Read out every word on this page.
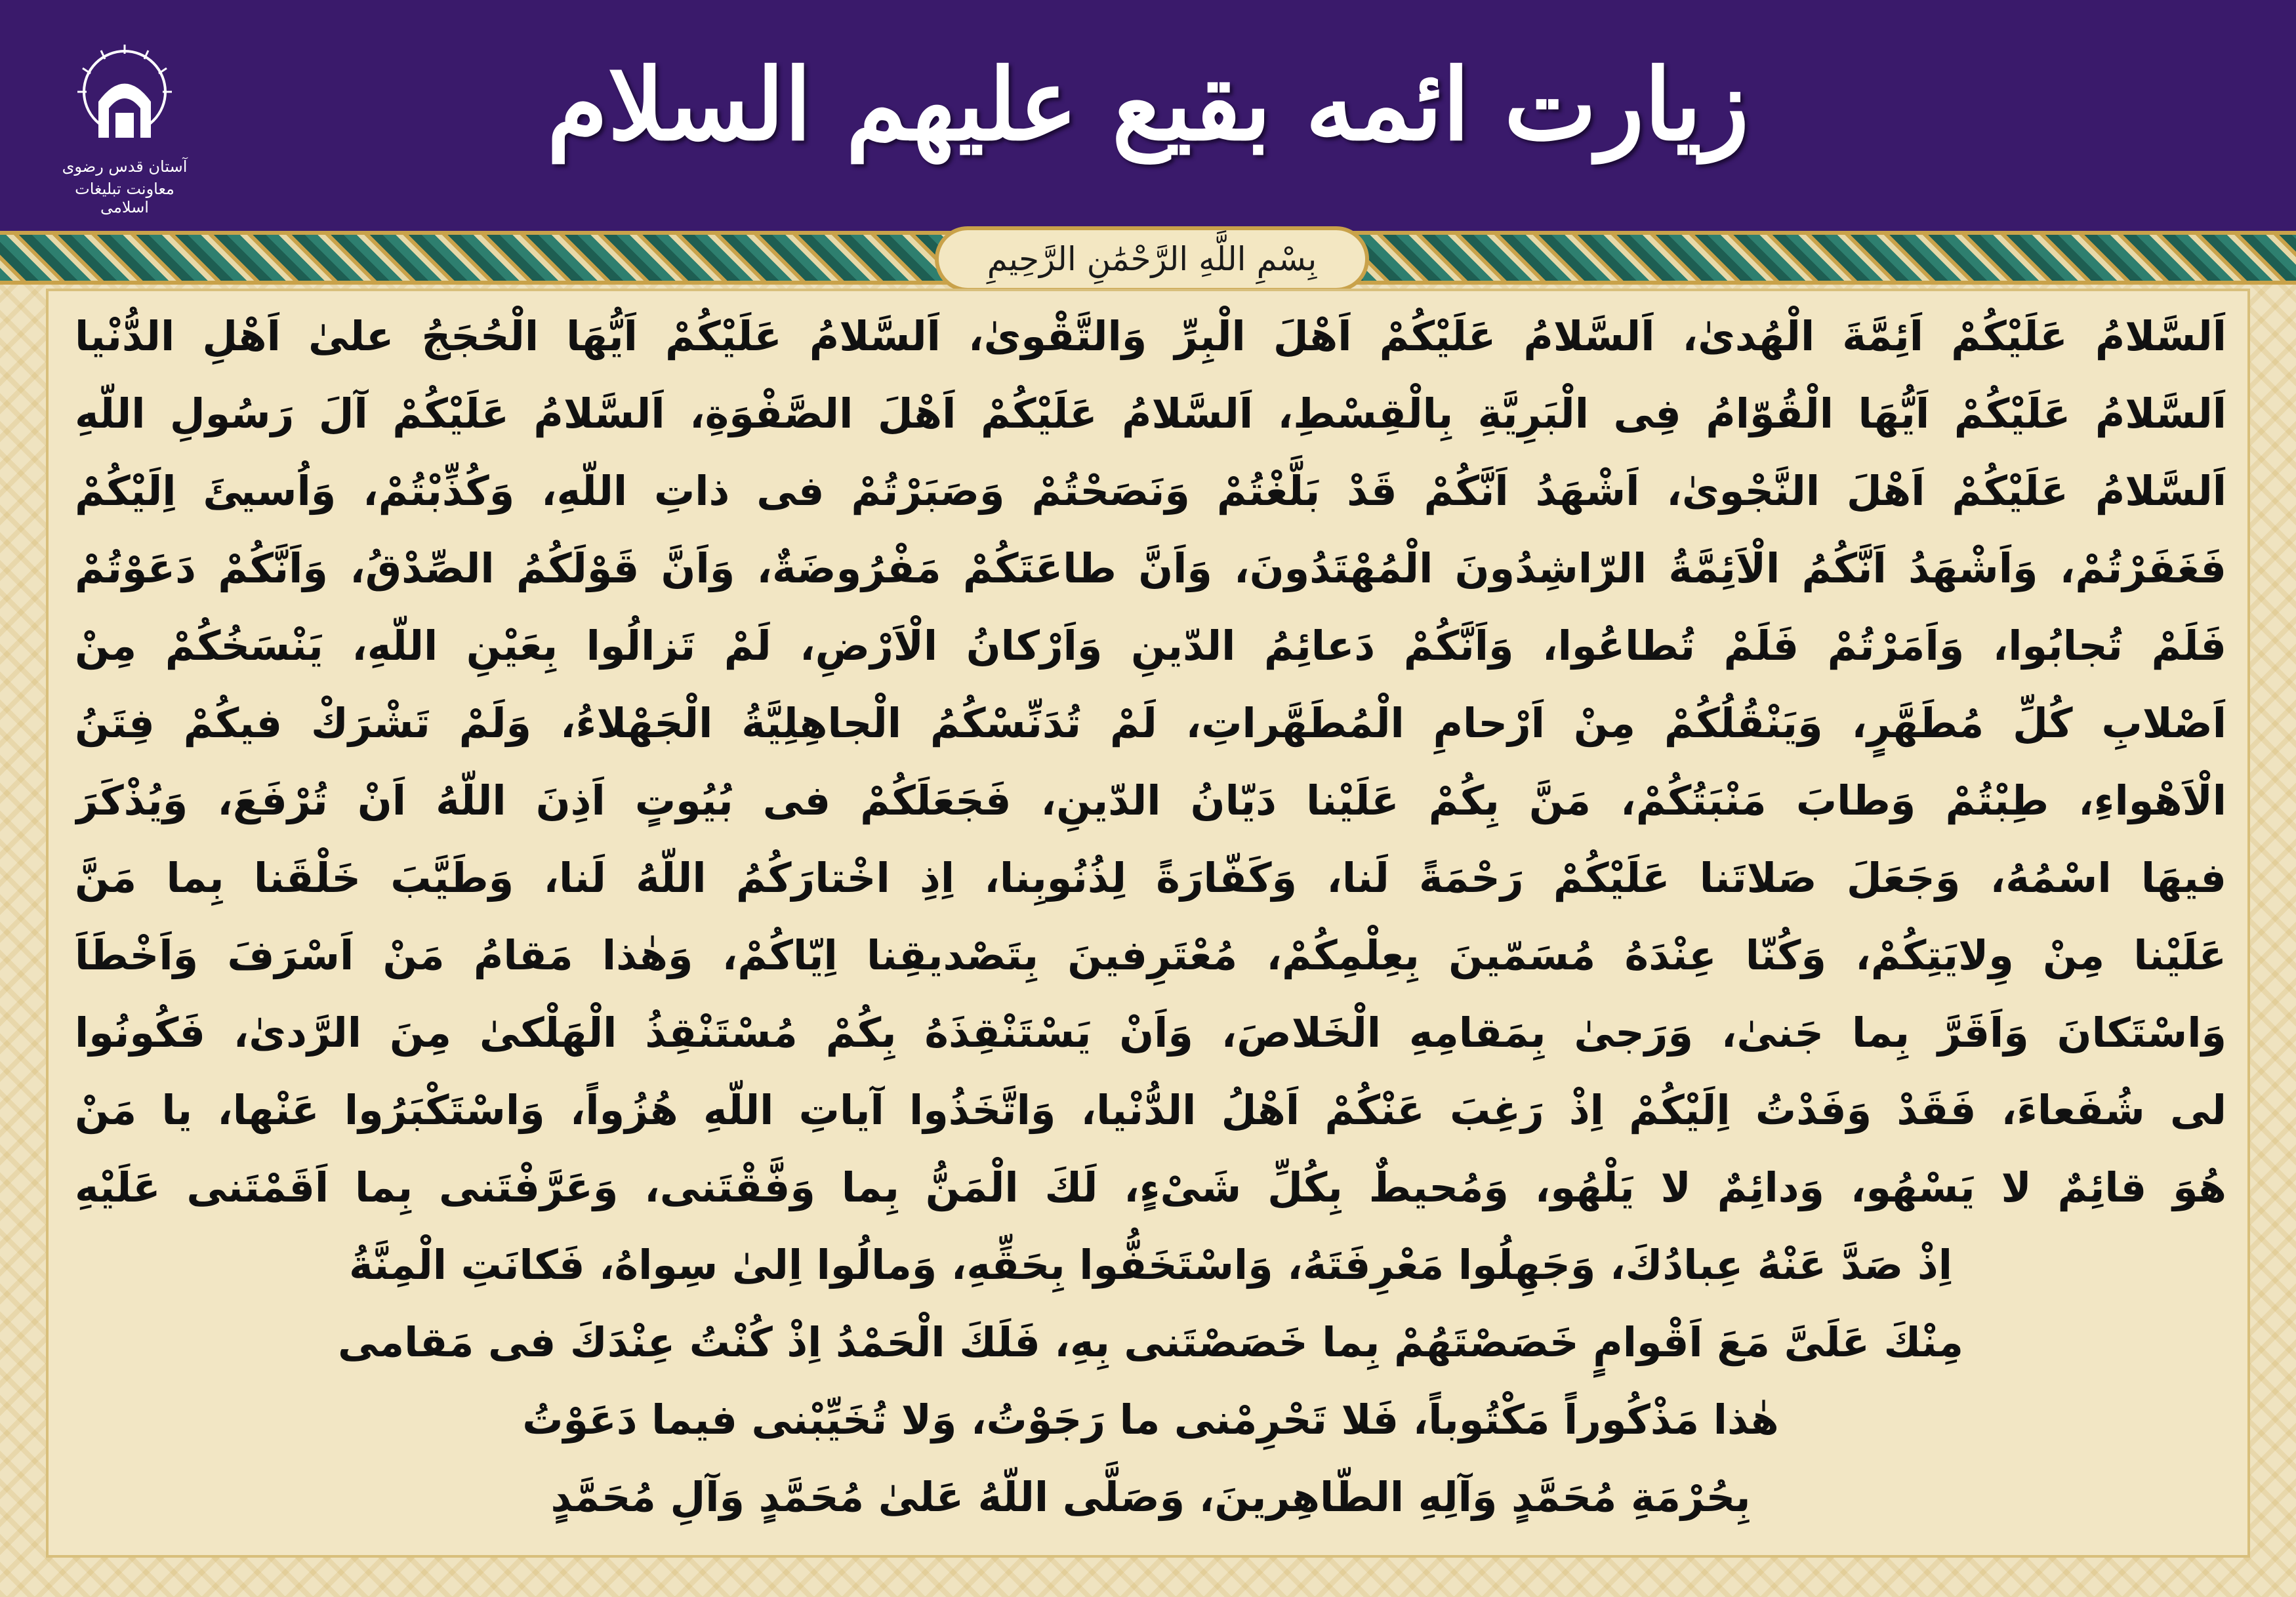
آستان قدس رضوی
معاونت تبلیغات اسلامی
زیارت ائمه بقیع علیهم السلام
بِسْمِ اللَّهِ الرَّحْمَٰنِ الرَّحِيمِ
اَلسَّلامُ عَلَيْكُمْ اَئِمَّةَ الْهُدىٰ، اَلسَّلامُ عَلَيْكُمْ اَهْلَ الْبِرِّ وَالتَّقْوىٰ، اَلسَّلامُ عَلَيْكُمْ اَيُّهَا الْحُجَجُ علىٰ اَهْلِ الدُّنْيا
اَلسَّلامُ عَلَيْكُمْ اَيُّهَا الْقُوّامُ فِى الْبَرِيَّةِ بِالْقِسْطِ، اَلسَّلامُ عَلَيْكُمْ اَهْلَ الصَّفْوَةِ، اَلسَّلامُ عَلَيْكُمْ آلَ رَسُولِ اللّهِ
اَلسَّلامُ عَلَيْكُمْ اَهْلَ النَّجْوىٰ، اَشْهَدُ اَنَّكُمْ قَدْ بَلَّغْتُمْ وَنَصَحْتُمْ وَصَبَرْتُمْ فى ذاتِ اللّهِ، وَكُذِّبْتُمْ، وَاُسيئَ اِلَيْكُمْ
فَغَفَرْتُمْ، وَاَشْهَدُ اَنَّكُمُ الْاَئِمَّةُ الرّاشِدُونَ الْمُهْتَدُونَ، وَاَنَّ طاعَتَكُمْ مَفْرُوضَةٌ، وَاَنَّ قَوْلَكُمُ الصِّدْقُ، وَاَنَّكُمْ دَعَوْتُمْ
فَلَمْ تُجابُوا، وَاَمَرْتُمْ فَلَمْ تُطاعُوا، وَاَنَّكُمْ دَعائِمُ الدّينِ وَاَرْكانُ الْاَرْضِ، لَمْ تَزالُوا بِعَيْنِ اللّهِ، يَنْسَخُكُمْ مِنْ
اَصْلابِ كُلِّ مُطَهَّرٍ، وَيَنْقُلُكُمْ مِنْ اَرْحامِ الْمُطَهَّراتِ، لَمْ تُدَنِّسْكُمُ الْجاهِلِيَّةُ الْجَهْلاءُ، وَلَمْ تَشْرَكْ فيكُمْ فِتَنُ
الْاَهْواءِ، طِبْتُمْ وَطابَ مَنْبَتُكُمْ، مَنَّ بِكُمْ عَلَيْنا دَيّانُ الدّينِ، فَجَعَلَكُمْ فى بُيُوتٍ اَذِنَ اللّهُ اَنْ تُرْفَعَ، وَيُذْكَرَ
فيهَا اسْمُهُ، وَجَعَلَ صَلاتَنا عَلَيْكُمْ رَحْمَةً لَنا، وَكَفّارَةً لِذُنُوبِنا، اِذِ اخْتارَكُمُ اللّهُ لَنا، وَطَيَّبَ خَلْقَنا بِما مَنَّ
عَلَيْنا مِنْ وِلايَتِكُمْ، وَكُنّا عِنْدَهُ مُسَمّينَ بِعِلْمِكُمْ، مُعْتَرِفينَ بِتَصْديقِنا اِيّاكُمْ، وَهٰذا مَقامُ مَنْ اَسْرَفَ وَاَخْطَاَ
وَاسْتَكانَ وَاَقَرَّ بِما جَنىٰ، وَرَجىٰ بِمَقامِهِ الْخَلاصَ، وَاَنْ يَسْتَنْقِذَهُ بِكُمْ مُسْتَنْقِذُ الْهَلْكىٰ مِنَ الرَّدىٰ، فَكُونُوا
لى شُفَعاءَ، فَقَدْ وَفَدْتُ اِلَيْكُمْ اِذْ رَغِبَ عَنْكُمْ اَهْلُ الدُّنْيا، وَاتَّخَذُوا آياتِ اللّهِ هُزُواً، وَاسْتَكْبَرُوا عَنْها، يا مَنْ
هُوَ قائِمٌ لا يَسْهُو، وَدائِمٌ لا يَلْهُو، وَمُحيطٌ بِكُلِّ شَیْءٍ، لَكَ الْمَنُّ بِما وَفَّقْتَنى، وَعَرَّفْتَنى بِما اَقَمْتَنى عَلَيْهِ
اِذْ صَدَّ عَنْهُ عِبادُكَ، وَجَهِلُوا مَعْرِفَتَهُ، وَاسْتَخَفُّوا بِحَقِّهِ، وَمالُوا اِلىٰ سِواهُ، فَكانَتِ الْمِنَّةُ
مِنْكَ عَلَیَّ مَعَ اَقْوامٍ خَصَصْتَهُمْ بِما خَصَصْتَنى بِهِ، فَلَكَ الْحَمْدُ اِذْ كُنْتُ عِنْدَكَ فى مَقامى
هٰذا مَذْكُوراً مَكْتُوباً، فَلا تَحْرِمْنى ما رَجَوْتُ، وَلا تُخَيِّبْنى فيما دَعَوْتُ
بِحُرْمَةِ مُحَمَّدٍ وَآلِهِ الطّاهِرينَ، وَصَلَّى اللّهُ عَلىٰ مُحَمَّدٍ وَآلِ مُحَمَّدٍ
